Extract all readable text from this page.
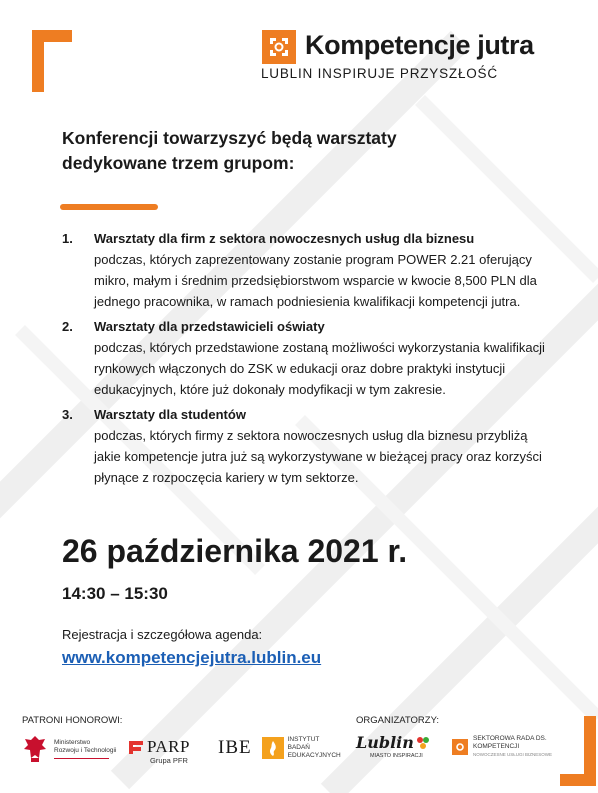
Kompetencje jutra
LUBLIN INSPIRUJE PRZYSZŁOŚĆ
Konferencji towarzyszyć będą warsztaty
dedykowane trzem grupom:
1.	Warsztaty dla firm z sektora nowoczesnych usług dla biznesu
podczas, których zaprezentowany zostanie program POWER 2.21 oferujący mikro, małym i średnim przedsiębiorstwom wsparcie w kwocie 8,500 PLN dla jednego pracownika, w ramach podniesienia kwalifikacji kompetencji jutra.
2.	Warsztaty dla przedstawicieli oświaty
podczas, których przedstawione zostaną możliwości wykorzystania kwalifikacji rynkowych włączonych do ZSK w edukacji oraz dobre praktyki instytucji edukacyjnych, które już dokonały modyfikacji w tym zakresie.
3.	Warsztaty dla studentów
podczas, których firmy z sektora nowoczesnych usług dla biznesu przybliżą jakie kompetencje jutra już są wykorzystywane w bieżącej pracy oraz korzyści płynące z rozpoczęcia kariery w tym sektorze.
26 października 2021 r.
14:30 – 15:30
Rejestracja i szczegółowa agenda:
www.kompetencjejutra.lublin.eu
PATRONI HONOROWI:	ORGANIZATORZY:
Ministerstwo
Rozwoju i Technologii PARP
Grupa PFR
IBE	INSTYTUT
BADAŃ
EDUKACYJNYCH
Lublin
MIASTO INSPIRACJI
SEKTOROWA RADA DS.
KOMPETENCJI
NOWOCZESNE USŁUGI BIZNESOWE
